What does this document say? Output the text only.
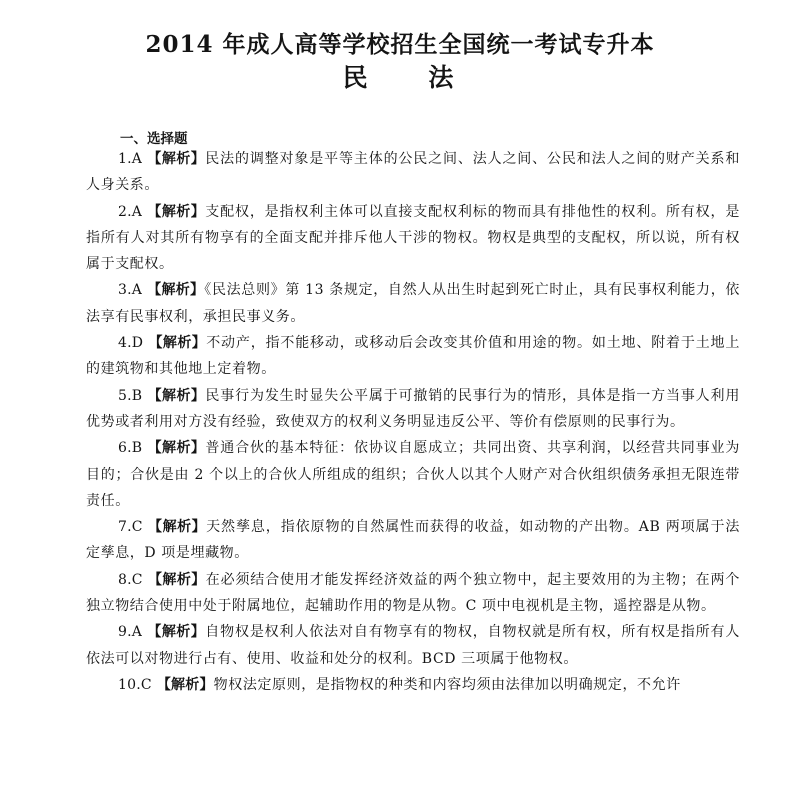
2014 年成人高等学校招生全国统一考试专升本
民 法
一、选择题

1.A 【解析】民法的调整对象是平等主体的公民之间、法人之间、公民和法人之间的财产关系和人身关系。

2.A 【解析】支配权，是指权利主体可以直接支配权利标的物而具有排他性的权利。所有权，是指所有人对其所有物享有的全面支配并排斥他人干涉的物权。物权是典型的支配权，所以说，所有权属于支配权。

3.A 【解析】《民法总则》第 13 条规定，自然人从出生时起到死亡时止，具有民事权利能力，依法享有民事权利，承担民事义务。

4.D 【解析】不动产，指不能移动，或移动后会改变其价值和用途的物。如土地、附着于土地上的建筑物和其他地上定着物。

5.B 【解析】民事行为发生时显失公平属于可撤销的民事行为的情形，具体是指一方当事人利用优势或者利用对方没有经验，致使双方的权利义务明显违反公平、等价有偿原则的民事行为。

6.B 【解析】普通合伙的基本特征：依协议自愿成立；共同出资、共享利润，以经营共同事业为目的；合伙是由 2 个以上的合伙人所组成的组织；合伙人以其个人财产对合伙组织债务承担无限连带责任。

7.C 【解析】天然孳息，指依原物的自然属性而获得的收益，如动物的产出物。AB 两项属于法定孳息，D 项是埋藏物。

8.C 【解析】在必须结合使用才能发挥经济效益的两个独立物中，起主要效用的为主物；在两个独立物结合使用中处于附属地位，起辅助作用的物是从物。C 项中电视机是主物，遥控器是从物。

9.A 【解析】自物权是权利人依法对自有物享有的物权，自物权就是所有权，所有权是指所有人依法可以对物进行占有、使用、收益和处分的权利。BCD 三项属于他物权。

10.C 【解析】物权法定原则，是指物权的种类和内容均须由法律加以明确规定，不允许
